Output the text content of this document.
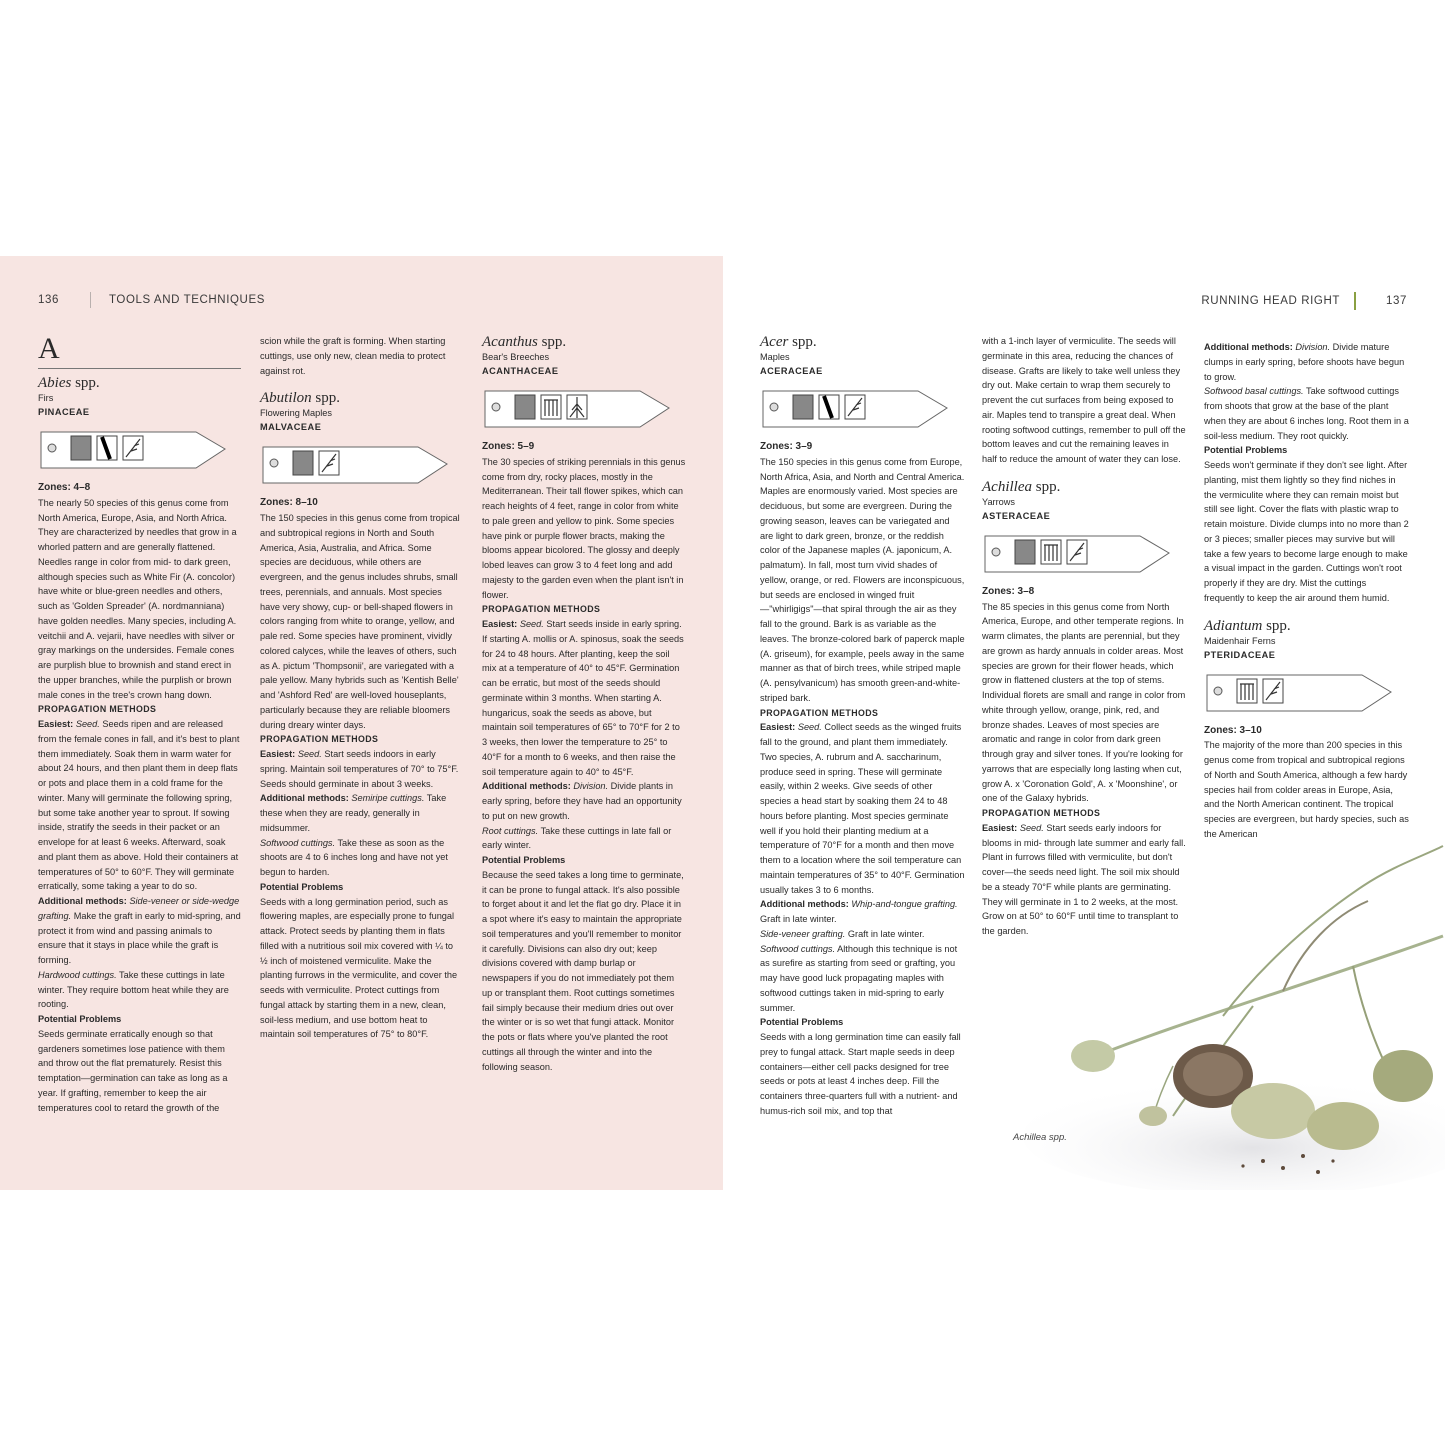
136	TOOLS AND TECHNIQUES
A
Abies spp.
Firs
PINACEAE

Zones: 4–8

The nearly 50 species of this genus come from North America, Europe, Asia, and North Africa. They are characterized by needles that grow in a whorled pattern and are generally flattened. Needles range in color from mid- to dark green, although species such as White Fir (A. concolor) have white or blue-green needles and others, such as 'Golden Spreader' (A. nordmanniana) have golden needles. Many species, including A. veitchii and A. vejarii, have needles with silver or gray markings on the undersides. Female cones are purplish blue to brownish and stand erect in the upper branches, while the purplish or brown male cones in the tree's crown hang down.

PROPAGATION METHODS

Easiest: Seed. Seeds ripen and are released from the female cones in fall, and it's best to plant them immediately. Soak them in warm water for about 24 hours, and then plant them in deep flats or pots and place them in a cold frame for the winter. Many will germinate the following spring, but some take another year to sprout. If sowing inside, stratify the seeds in their packet or an envelope for at least 6 weeks. Afterward, soak and plant them as above. Hold their containers at temperatures of 50° to 60°F. They will germinate erratically, some taking a year to do so.

Additional methods: Side-veneer or side-wedge grafting. Make the graft in early to mid-spring, and protect it from wind and passing animals to ensure that it stays in place while the graft is forming.

Hardwood cuttings. Take these cuttings in late winter. They require bottom heat while they are rooting.

Potential Problems

Seeds germinate erratically enough so that gardeners sometimes lose patience with them and throw out the flat prematurely. Resist this temptation—germination can take as long as a year. If grafting, remember to keep the air temperatures cool to retard the growth of the

scion while the graft is forming. When starting cuttings, use only new, clean media to protect against rot.

Abutilon spp.
Flowering Maples
MALVACEAE

Zones: 8–10

The 150 species in this genus come from tropical and subtropical regions in North and South America, Asia, Australia, and Africa. Some species are deciduous, while others are evergreen, and the genus includes shrubs, small trees, perennials, and annuals. Most species have very showy, cup- or bell-shaped flowers in colors ranging from white to orange, yellow, and pale red. Some species have prominent, vividly colored calyces, while the leaves of others, such as A. pictum 'Thompsonii', are variegated with a pale yellow. Many hybrids such as 'Kentish Belle' and 'Ashford Red' are well-loved houseplants, particularly because they are reliable bloomers during dreary winter days.

PROPAGATION METHODS

Easiest: Seed. Start seeds indoors in early spring. Maintain soil temperatures of 70° to 75°F. Seeds should germinate in about 3 weeks.

Additional methods: Semiripe cuttings. Take these when they are ready, generally in midsummer.

Softwood cuttings. Take these as soon as the shoots are 4 to 6 inches long and have not yet begun to harden.

Potential Problems

Seeds with a long germination period, such as flowering maples, are especially prone to fungal attack. Protect seeds by planting them in flats filled with a nutritious soil mix covered with ¼ to ½ inch of moistened vermiculite. Make the planting furrows in the vermiculite, and cover the seeds with vermiculite. Protect cuttings from fungal attack by starting them in a new, clean, soil-less medium, and use bottom heat to maintain soil temperatures of 75° to 80°F.

Acanthus spp.
Bear's Breeches
ACANTHACEAE

Zones: 5–9

The 30 species of striking perennials in this genus come from dry, rocky places, mostly in the Mediterranean. Their tall flower spikes, which can reach heights of 4 feet, range in color from white to pale green and yellow to pink. Some species have pink or purple flower bracts, making the blooms appear bicolored. The glossy and deeply lobed leaves can grow 3 to 4 feet long and add majesty to the garden even when the plant isn't in flower.

PROPAGATION METHODS

Easiest: Seed. Start seeds inside in early spring. If starting A. mollis or A. spinosus, soak the seeds for 24 to 48 hours. After planting, keep the soil mix at a temperature of 40° to 45°F. Germination can be erratic, but most of the seeds should germinate within 3 months. When starting A. hungaricus, soak the seeds as above, but maintain soil temperatures of 65° to 70°F for 2 to 3 weeks, then lower the temperature to 25° to 40°F for a month to 6 weeks, and then raise the soil temperature again to 40° to 45°F.

Additional methods: Division. Divide plants in early spring, before they have had an opportunity to put on new growth.

Root cuttings. Take these cuttings in late fall or early winter.

Potential Problems

Because the seed takes a long time to germinate, it can be prone to fungal attack. It's also possible to forget about it and let the flat go dry. Place it in a spot where it's easy to maintain the appropriate soil temperatures and you'll remember to monitor it carefully. Divisions can also dry out; keep divisions covered with damp burlap or newspapers if you do not immediately pot them up or transplant them. Root cuttings sometimes fail simply because their medium dries out over the winter or is so wet that fungi attack. Monitor the pots or flats where you've planted the root cuttings all through the winter and into the following season.

RUNNING HEAD RIGHT	137
Achillea spp.
Acer spp.
Maples
ACERACEAE

Zones: 3–9

The 150 species in this genus come from Europe, North Africa, Asia, and North and Central America. Maples are enormously varied. Most species are deciduous, but some are evergreen. During the growing season, leaves can be variegated and are light to dark green, bronze, or the reddish color of the Japanese maples (A. japonicum, A. palmatum). In fall, most turn vivid shades of yellow, orange, or red. Flowers are inconspicuous, but seeds are enclosed in winged fruit—"whirligigs"—that spiral through the air as they fall to the ground. Bark is as variable as the leaves. The bronze-colored bark of paperck maple (A. griseum), for example, peels away in the same manner as that of birch trees, while striped maple (A. pensylvanicum) has smooth green-and-white-striped bark.

PROPAGATION METHODS

Easiest: Seed. Collect seeds as the winged fruits fall to the ground, and plant them immediately. Two species, A. rubrum and A. saccharinum, produce seed in spring. These will germinate easily, within 2 weeks. Give seeds of other species a head start by soaking them 24 to 48 hours before planting. Most species germinate well if you hold their planting medium at a temperature of 70°F for a month and then move them to a location where the soil temperature can maintain temperatures of 35° to 40°F. Germination usually takes 3 to 6 months.

Additional methods: Whip-and-tongue grafting. Graft in late winter.

Side-veneer grafting. Graft in late winter.

Softwood cuttings. Although this technique is not as surefire as starting from seed or grafting, you may have good luck propagating maples with softwood cuttings taken in mid-spring to early summer.

Potential Problems

Seeds with a long germination time can easily fall prey to fungal attack. Start maple seeds in deep containers—either cell packs designed for tree seeds or pots at least 4 inches deep. Fill the containers three-quarters full with a nutrient- and humus-rich soil mix, and top that

with a 1-inch layer of vermiculite. The seeds will germinate in this area, reducing the chances of disease. Grafts are likely to take well unless they dry out. Make certain to wrap them securely to prevent the cut surfaces from being exposed to air. Maples tend to transpire a great deal. When rooting softwood cuttings, remember to pull off the bottom leaves and cut the remaining leaves in half to reduce the amount of water they can lose.

Achillea spp.
Yarrows
ASTERACEAE

Zones: 3–8

The 85 species in this genus come from North America, Europe, and other temperate regions. In warm climates, the plants are perennial, but they are grown as hardy annuals in colder areas. Most species are grown for their flower heads, which grow in flattened clusters at the top of stems. Individual florets are small and range in color from white through yellow, orange, pink, red, and bronze shades. Leaves of most species are aromatic and range in color from dark green through gray and silver tones. If you're looking for yarrows that are especially long lasting when cut, grow A. x 'Coronation Gold', A. x 'Moonshine', or one of the Galaxy hybrids.

PROPAGATION METHODS

Easiest: Seed. Start seeds early indoors for blooms in mid- through late summer and early fall. Plant in furrows filled with vermiculite, but don't cover—the seeds need light. The soil mix should be a steady 70°F while plants are germinating. They will germinate in 1 to 2 weeks, at the most. Grow on at 50° to 60°F until time to transplant to the garden.

Additional methods: Division. Divide mature clumps in early spring, before shoots have begun to grow.

Softwood basal cuttings. Take softwood cuttings from shoots that grow at the base of the plant when they are about 6 inches long. Root them in a soil-less medium. They root quickly.

Potential Problems

Seeds won't germinate if they don't see light. After planting, mist them lightly so they find niches in the vermiculite where they can remain moist but still see light. Cover the flats with plastic wrap to retain moisture. Divide clumps into no more than 2 or 3 pieces; smaller pieces may survive but will take a few years to become large enough to make a visual impact in the garden. Cuttings won't root properly if they are dry. Mist the cuttings frequently to keep the air around them humid.

Adiantum spp.
Maidenhair Ferns
PTERIDACEAE

Zones: 3–10

The majority of the more than 200 species in this genus come from tropical and subtropical regions of North and South America, although a few hardy species hail from colder areas in Europe, Asia, and the North American continent. The tropical species are evergreen, but hardy species, such as the American
